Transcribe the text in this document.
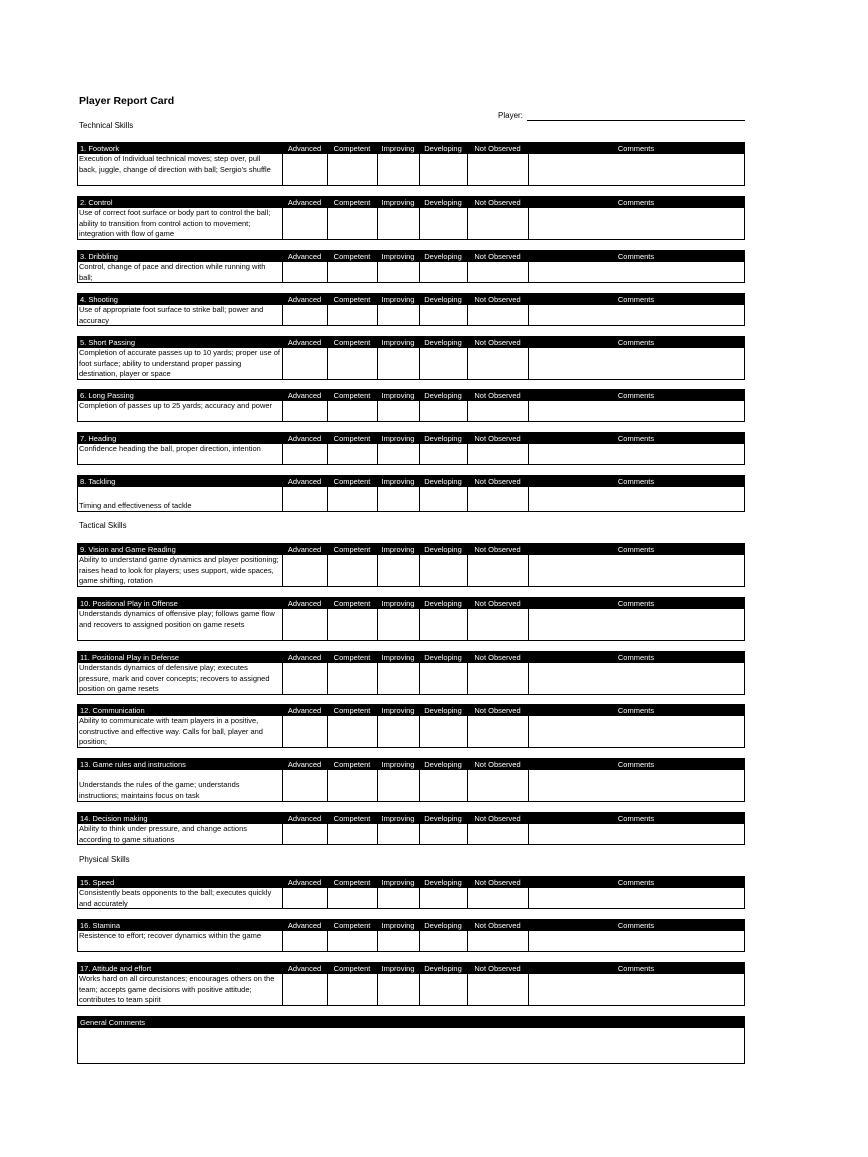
Player Report Card
Player:
Technical Skills
Tactical Skills
Physical Skills
1. Footwork	Advanced	Competent	Improving	Developing	Not Observed	Comments
Execution of Individual technical moves; step over, pull back, juggle, change of direction with ball; Sergio's shuffle
2. Control	Advanced	Competent	Improving	Developing	Not Observed	Comments
Use of correct foot surface or body part to control the ball; ability to transition from control action to movement; integration with flow of game
3. Dribbling	Advanced	Competent	Improving	Developing	Not Observed	Comments
Control, change of pace and direction while running with ball;
4. Shooting	Advanced	Competent	Improving	Developing	Not Observed	Comments
Use of appropriate foot surface to strike ball; power and accuracy
5. Short Passing	Advanced	Competent	Improving	Developing	Not Observed	Comments
Completion of accurate passes up to 10 yards; proper use of foot surface; ability to understand proper passing destination, player or space
6. Long Passing	Advanced	Competent	Improving	Developing	Not Observed	Comments
Completion of passes up to 25 yards; accuracy and power
7. Heading	Advanced	Competent	Improving	Developing	Not Observed	Comments
Confidence heading the ball, proper direction, intention
8. Tackling	Advanced	Competent	Improving	Developing	Not Observed	Comments
Timing and effectiveness of tackle
9. Vision and Game Reading	Advanced	Competent	Improving	Developing	Not Observed	Comments
Ability to understand game dynamics and player positioning; raises head to look for players; uses support, wide spaces, game shifting, rotation
10. Positional Play in Offense	Advanced	Competent	Improving	Developing	Not Observed	Comments
Understands dynamics of offensive play; follows game flow and recovers to assigned position on game resets
11. Positional Play in Defense	Advanced	Competent	Improving	Developing	Not Observed	Comments
Understands dynamics of defensive play; executes pressure, mark and cover concepts; recovers to assigned position on game resets
12. Communication	Advanced	Competent	Improving	Developing	Not Observed	Comments
Ability to communicate with team players in a positive, constructive and effective way. Calls for ball, player and position;
13. Game rules and instructions	Advanced	Competent	Improving	Developing	Not Observed	Comments
Understands the rules of the game; understands instructions; maintains focus on task
14. Decision making	Advanced	Competent	Improving	Developing	Not Observed	Comments
Ability to think under pressure, and change actions according to game situations
15. Speed	Advanced	Competent	Improving	Developing	Not Observed	Comments
Consistently beats opponents to the ball; executes quickly and accurately
16. Stamina	Advanced	Competent	Improving	Developing	Not Observed	Comments
Resistence to effort; recover dynamics within the game
17. Attitude and effort	Advanced	Competent	Improving	Developing	Not Observed	Comments
Works hard on all circunstances; encourages others on the team; accepts game decisions with positive attitude; contributes to team spirit
General Comments
